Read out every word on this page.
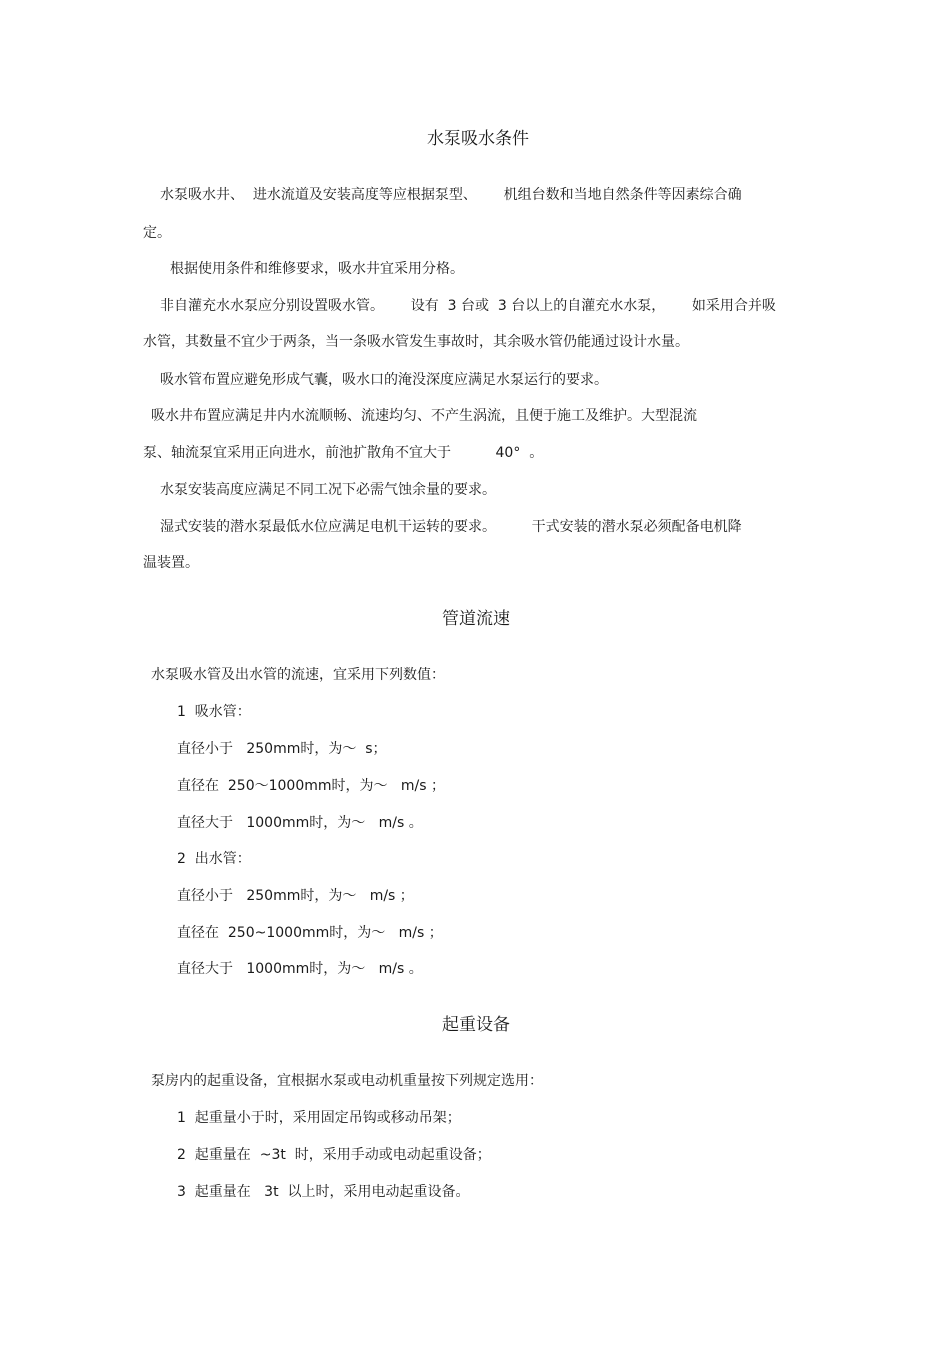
水泵吸水条件
水泵吸水井、  进水流道及安装高度等应根据泵型、      机组台数和当地自然条件等因素综合确
定。
根据使用条件和维修要求，吸水井宜采用分格。
非自灌充水水泵应分别设置吸水管。      设有  3 台或  3 台以上的自灌充水水泵，      如采用合并吸
水管，其数量不宜少于两条，当一条吸水管发生事故时，其余吸水管仍能通过设计水量。
吸水管布置应避免形成气囊，吸水口的淹没深度应满足水泵运行的要求。
吸水井布置应满足井内水流顺畅、流速均匀、不产生涡流，且便于施工及维护。大型混流
泵、轴流泵宜采用正向进水，前池扩散角不宜大于          40°  。
水泵安装高度应满足不同工况下必需气蚀余量的要求。
湿式安装的潜水泵最低水位应满足电机干运转的要求。        干式安装的潜水泵必须配备电机降
温装置。
管道流速
水泵吸水管及出水管的流速，宜采用下列数值：
1  吸水管：
直径小于   250mm时，为～  s；
直径在  250～1000mm时，为～   m/s ；
直径大于   1000mm时，为～   m/s 。
2  出水管：
直径小于   250mm时，为～   m/s ；
直径在  250~1000mm时，为～   m/s ；
直径大于   1000mm时，为～   m/s 。
起重设备
泵房内的起重设备，宜根据水泵或电动机重量按下列规定选用：
1  起重量小于时，采用固定吊钩或移动吊架；
2  起重量在  ~3t  时，采用手动或电动起重设备；
3  起重量在   3t  以上时，采用电动起重设备。
